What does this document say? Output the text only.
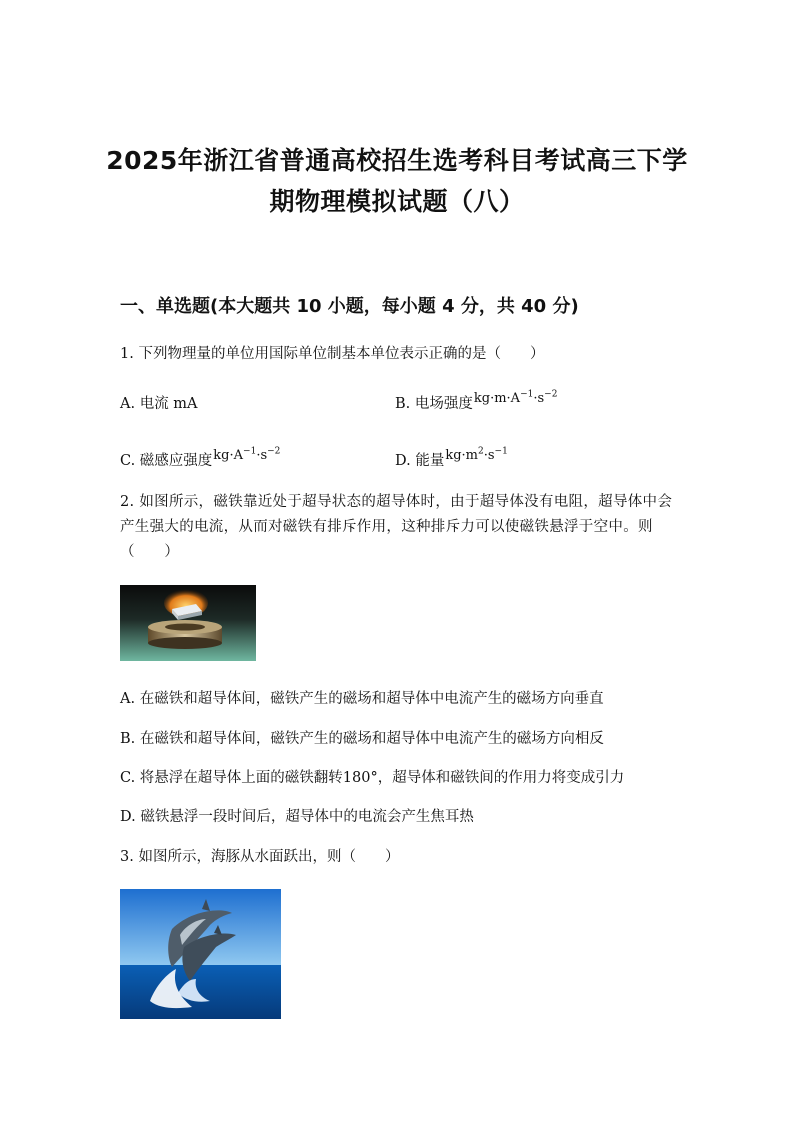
2025年浙江省普通高校招生选考科目考试高三下学
期物理模拟试题（八）
一、单选题(本大题共 10 小题，每小题 4 分，共 40 分)
1. 下列物理量的单位用国际单位制基本单位表示正确的是（　　）
A. 电流 mA	B. 电场强度$kg\cdot m\cdot A^{-1}\cdot s^{-2}$
C. 磁感应强度$kg\cdot A^{-1}\cdot s^{-2}$
D. 能量$kg\cdot m^2\cdot s^{-1}$
2. 如图所示，磁铁靠近处于超导状态的超导体时，由于超导体没有电阻，超导体中会产生强大的电流，从而对磁铁有排斥作用，这种排斥力可以使磁铁悬浮于空中。则（　　）
A. 在磁铁和超导体间，磁铁产生的磁场和超导体中电流产生的磁场方向垂直
B. 在磁铁和超导体间，磁铁产生的磁场和超导体中电流产生的磁场方向相反
C. 将悬浮在超导体上面的磁铁翻转180°，超导体和磁铁间的作用力将变成引力
D. 磁铁悬浮一段时间后，超导体中的电流会产生焦耳热
3. 如图所示，海豚从水面跃出，则（　　）
